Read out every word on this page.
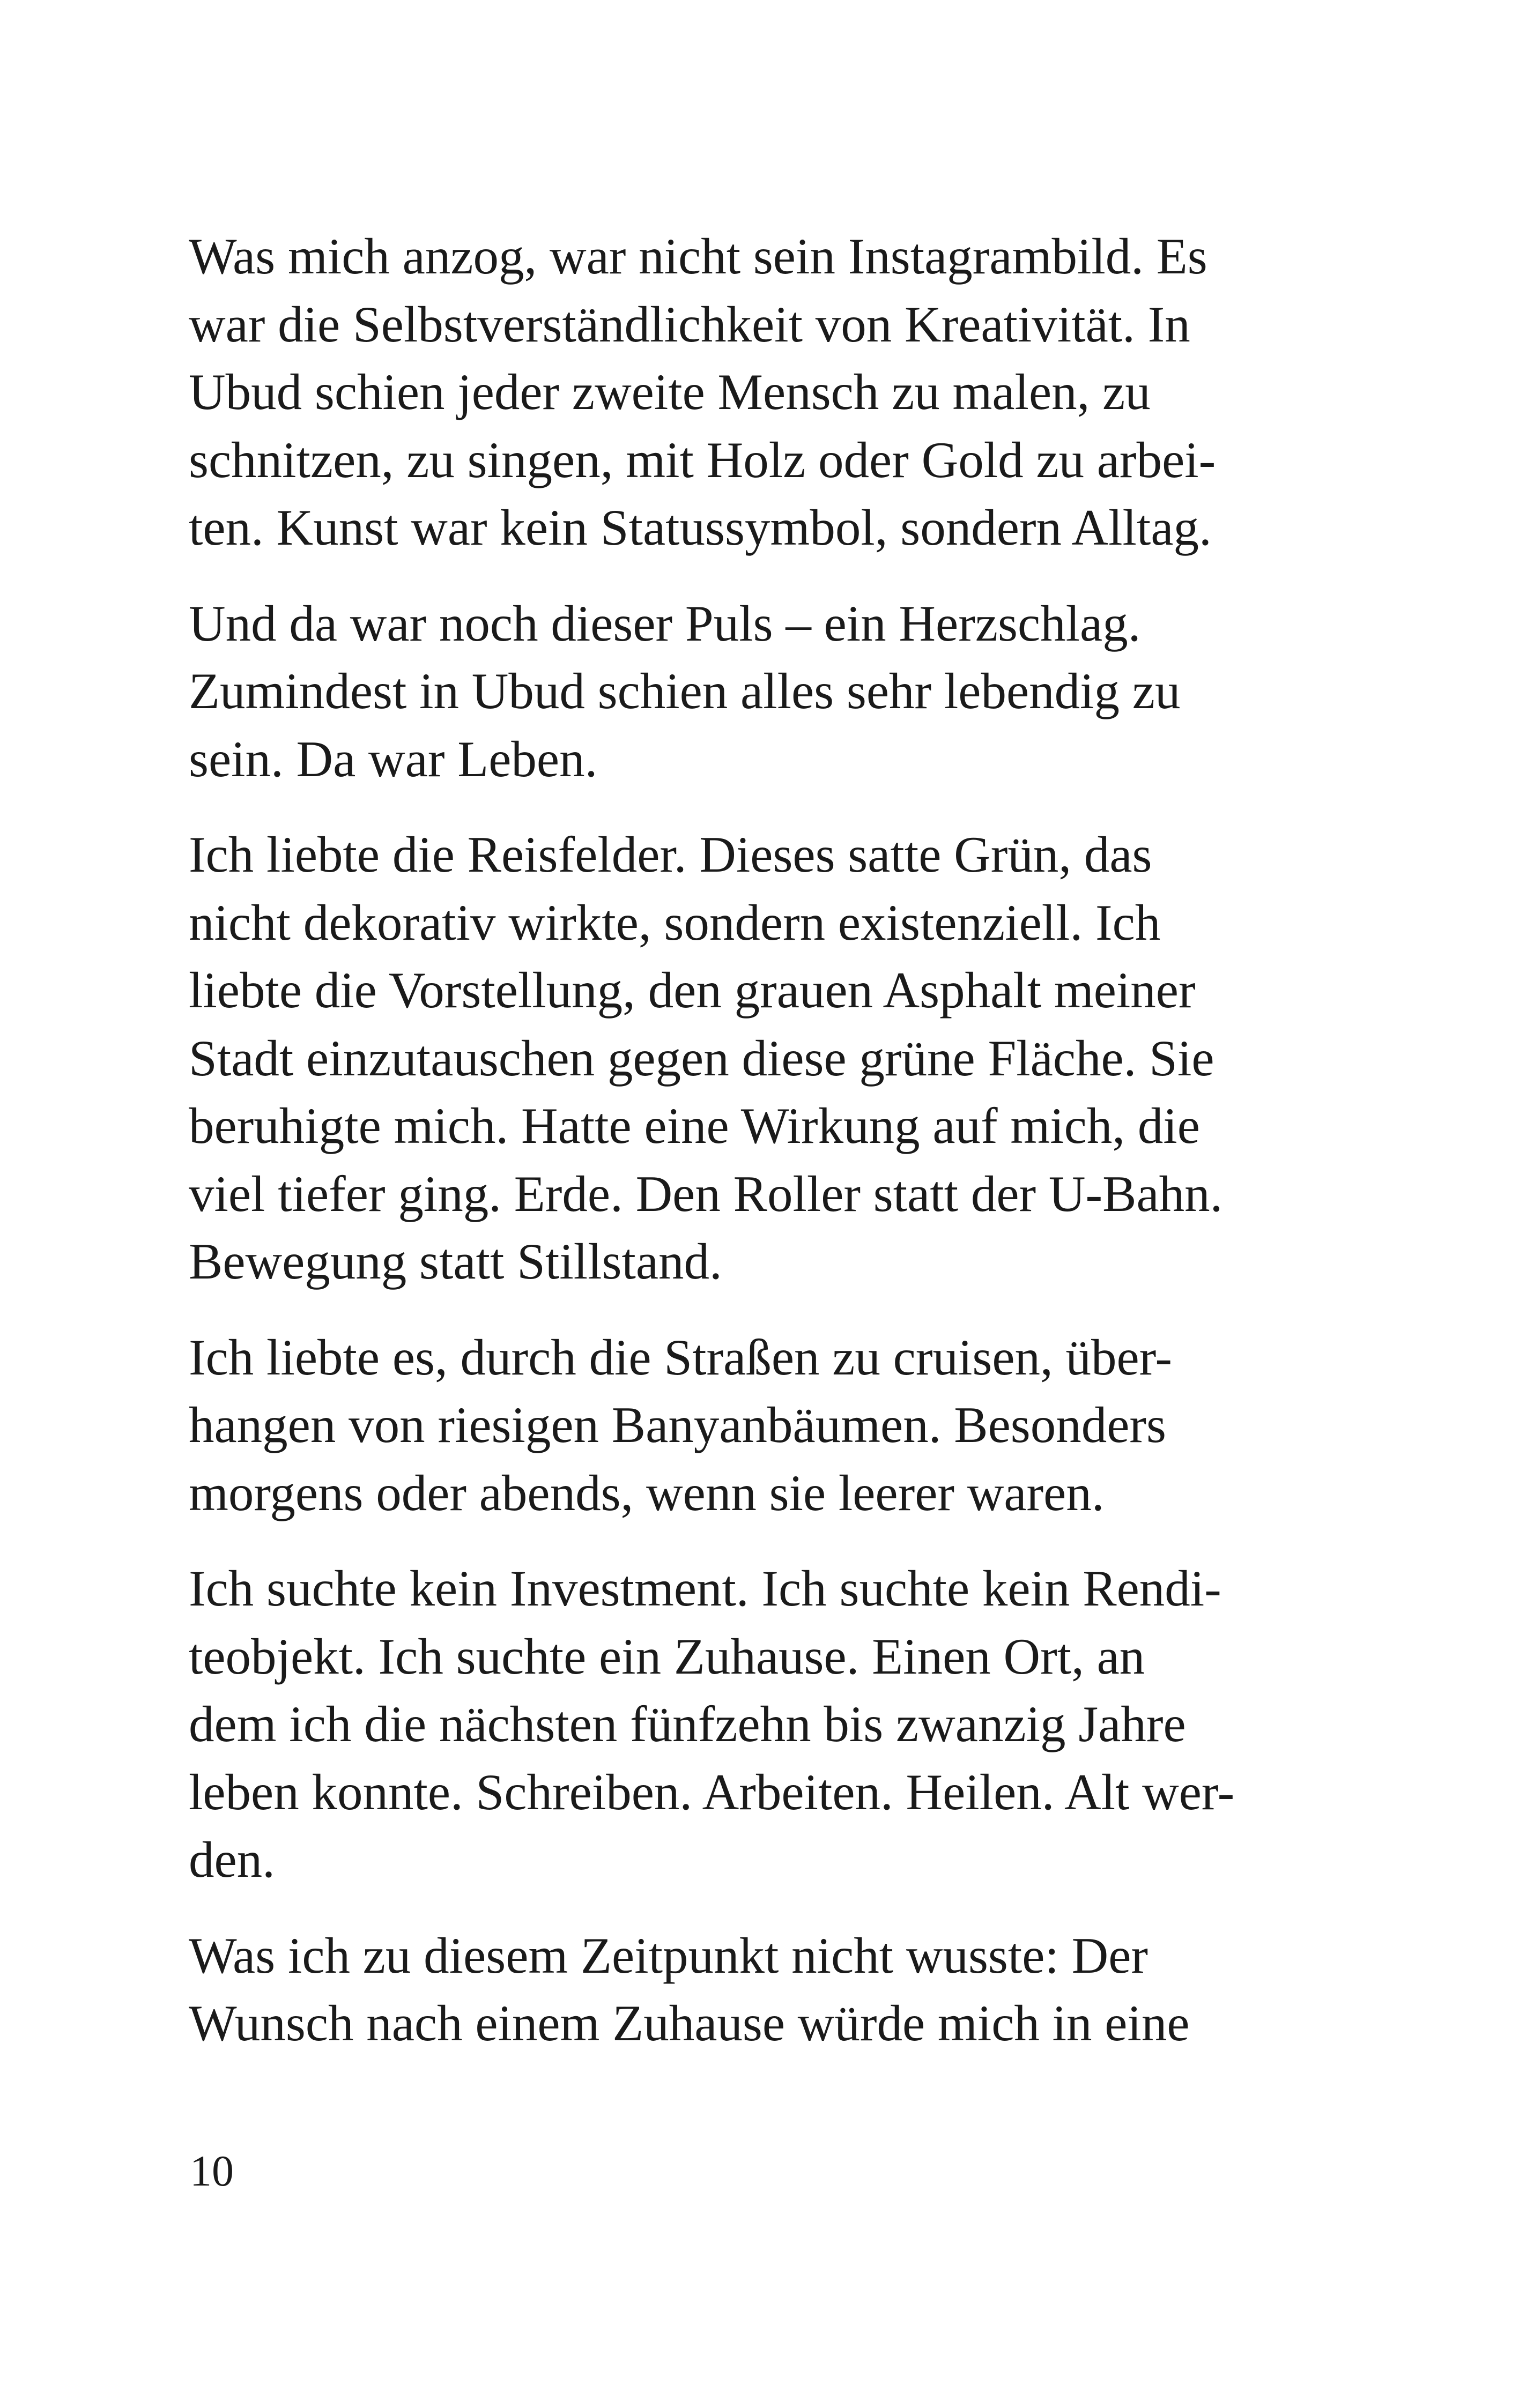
Was mich anzog, war nicht sein Instagrambild. Es
war die Selbstverständlichkeit von Kreativität. In
Ubud schien jeder zweite Mensch zu malen, zu
schnitzen, zu singen, mit Holz oder Gold zu arbei-
ten. Kunst war kein Statussymbol, sondern Alltag.

Und da war noch dieser Puls – ein Herzschlag.
Zumindest in Ubud schien alles sehr lebendig zu
sein. Da war Leben.

Ich liebte die Reisfelder. Dieses satte Grün, das
nicht dekorativ wirkte, sondern existenziell. Ich
liebte die Vorstellung, den grauen Asphalt meiner
Stadt einzutauschen gegen diese grüne Fläche. Sie
beruhigte mich. Hatte eine Wirkung auf mich, die
viel tiefer ging. Erde. Den Roller statt der U-Bahn.
Bewegung statt Stillstand.

Ich liebte es, durch die Straßen zu cruisen, über-
hangen von riesigen Banyanbäumen. Besonders
morgens oder abends, wenn sie leerer waren.

Ich suchte kein Investment. Ich suchte kein Rendi-
teobjekt. Ich suchte ein Zuhause. Einen Ort, an
dem ich die nächsten fünfzehn bis zwanzig Jahre
leben konnte. Schreiben. Arbeiten. Heilen. Alt wer-
den.

Was ich zu diesem Zeitpunkt nicht wusste: Der
Wunsch nach einem Zuhause würde mich in eine

10
